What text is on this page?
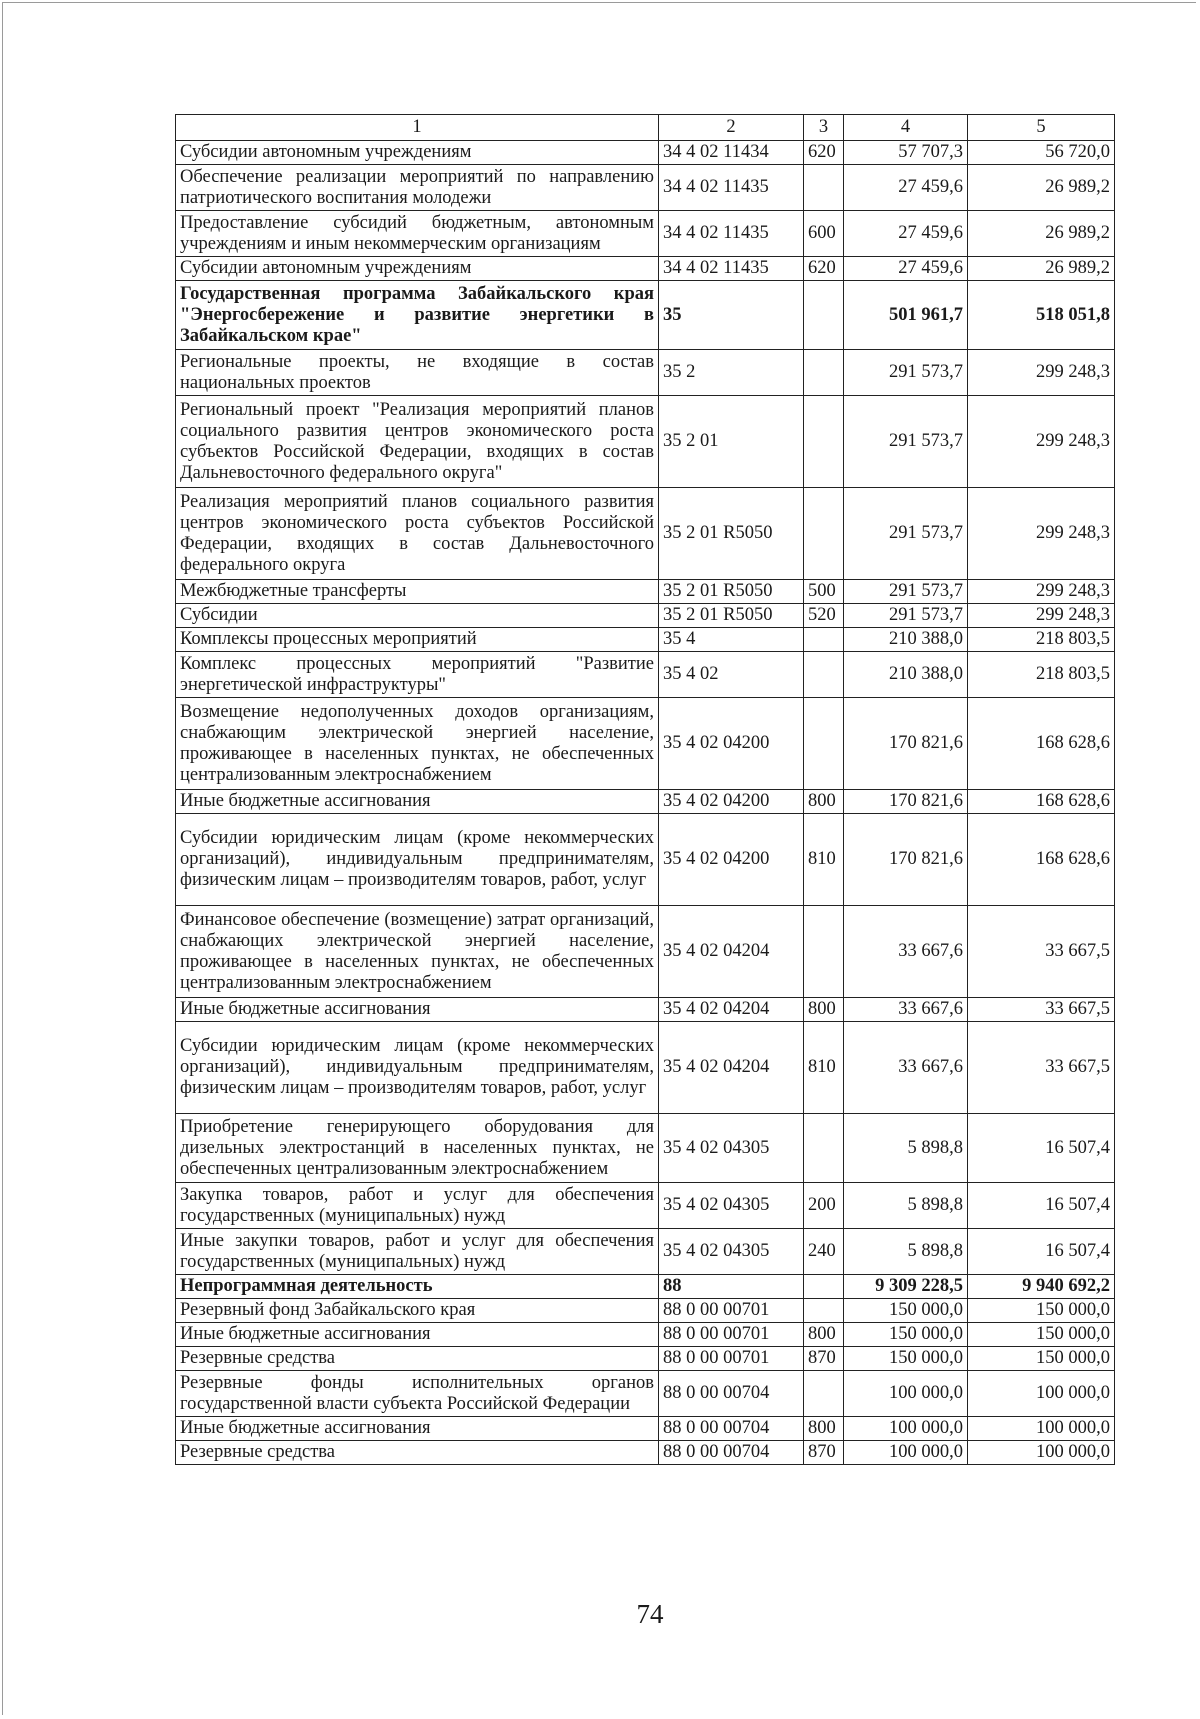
1	2	3	4	5
Субсидии автономным учреждениям	34 4 02 11434	620	57 707,3	56 720,0
Обеспечение реализации мероприятий по направлению патриотического воспитания молодежи	34 4 02 11435		27 459,6	26 989,2
Предоставление субсидий бюджетным, автономным учреждениям и иным некоммерческим организациям	34 4 02 11435	600	27 459,6	26 989,2
Субсидии автономным учреждениям	34 4 02 11435	620	27 459,6	26 989,2
Государственная программа Забайкальского края "Энергосбережение и развитие энергетики в Забайкальском крае"	35		501 961,7	518 051,8
Региональные проекты, не входящие в состав национальных проектов	35 2		291 573,7	299 248,3
Региональный проект "Реализация мероприятий планов социального развития центров экономического роста субъектов Российской Федерации, входящих в состав Дальневосточного федерального округа"	35 2 01		291 573,7	299 248,3
Реализация мероприятий планов социального развития центров экономического роста субъектов Российской Федерации, входящих в состав Дальневосточного федерального округа	35 2 01 R5050		291 573,7	299 248,3
Межбюджетные трансферты	35 2 01 R5050	500	291 573,7	299 248,3
Субсидии	35 2 01 R5050	520	291 573,7	299 248,3
Комплексы процессных мероприятий	35 4		210 388,0	218 803,5
Комплекс процессных мероприятий "Развитие энергетической инфраструктуры"	35 4 02		210 388,0	218 803,5
Возмещение недополученных доходов организациям, снабжающим электрической энергией население, проживающее в населенных пунктах, не обеспеченных централизованным электроснабжением	35 4 02 04200		170 821,6	168 628,6
Иные бюджетные ассигнования	35 4 02 04200	800	170 821,6	168 628,6
Субсидии юридическим лицам (кроме некоммерческих организаций), индивидуальным предпринимателям, физическим лицам – производителям товаров, работ, услуг	35 4 02 04200	810	170 821,6	168 628,6
Финансовое обеспечение (возмещение) затрат организаций, снабжающих электрической энергией население, проживающее в населенных пунктах, не обеспеченных централизованным электроснабжением	35 4 02 04204		33 667,6	33 667,5
Иные бюджетные ассигнования	35 4 02 04204	800	33 667,6	33 667,5
Субсидии юридическим лицам (кроме некоммерческих организаций), индивидуальным предпринимателям, физическим лицам – производителям товаров, работ, услуг	35 4 02 04204	810	33 667,6	33 667,5
Приобретение генерирующего оборудования для дизельных электростанций в населенных пунктах, не обеспеченных централизованным электроснабжением	35 4 02 04305		5 898,8	16 507,4
Закупка товаров, работ и услуг для обеспечения государственных (муниципальных) нужд	35 4 02 04305	200	5 898,8	16 507,4
Иные закупки товаров, работ и услуг для обеспечения государственных (муниципальных) нужд	35 4 02 04305	240	5 898,8	16 507,4
Непрограммная деятельность	88		9 309 228,5	9 940 692,2
Резервный фонд Забайкальского края	88 0 00 00701		150 000,0	150 000,0
Иные бюджетные ассигнования	88 0 00 00701	800	150 000,0	150 000,0
Резервные средства	88 0 00 00701	870	150 000,0	150 000,0
Резервные фонды исполнительных органов государственной власти субъекта Российской Федерации	88 0 00 00704		100 000,0	100 000,0
Иные бюджетные ассигнования	88 0 00 00704	800	100 000,0	100 000,0
Резервные средства	88 0 00 00704	870	100 000,0	100 000,0
74
